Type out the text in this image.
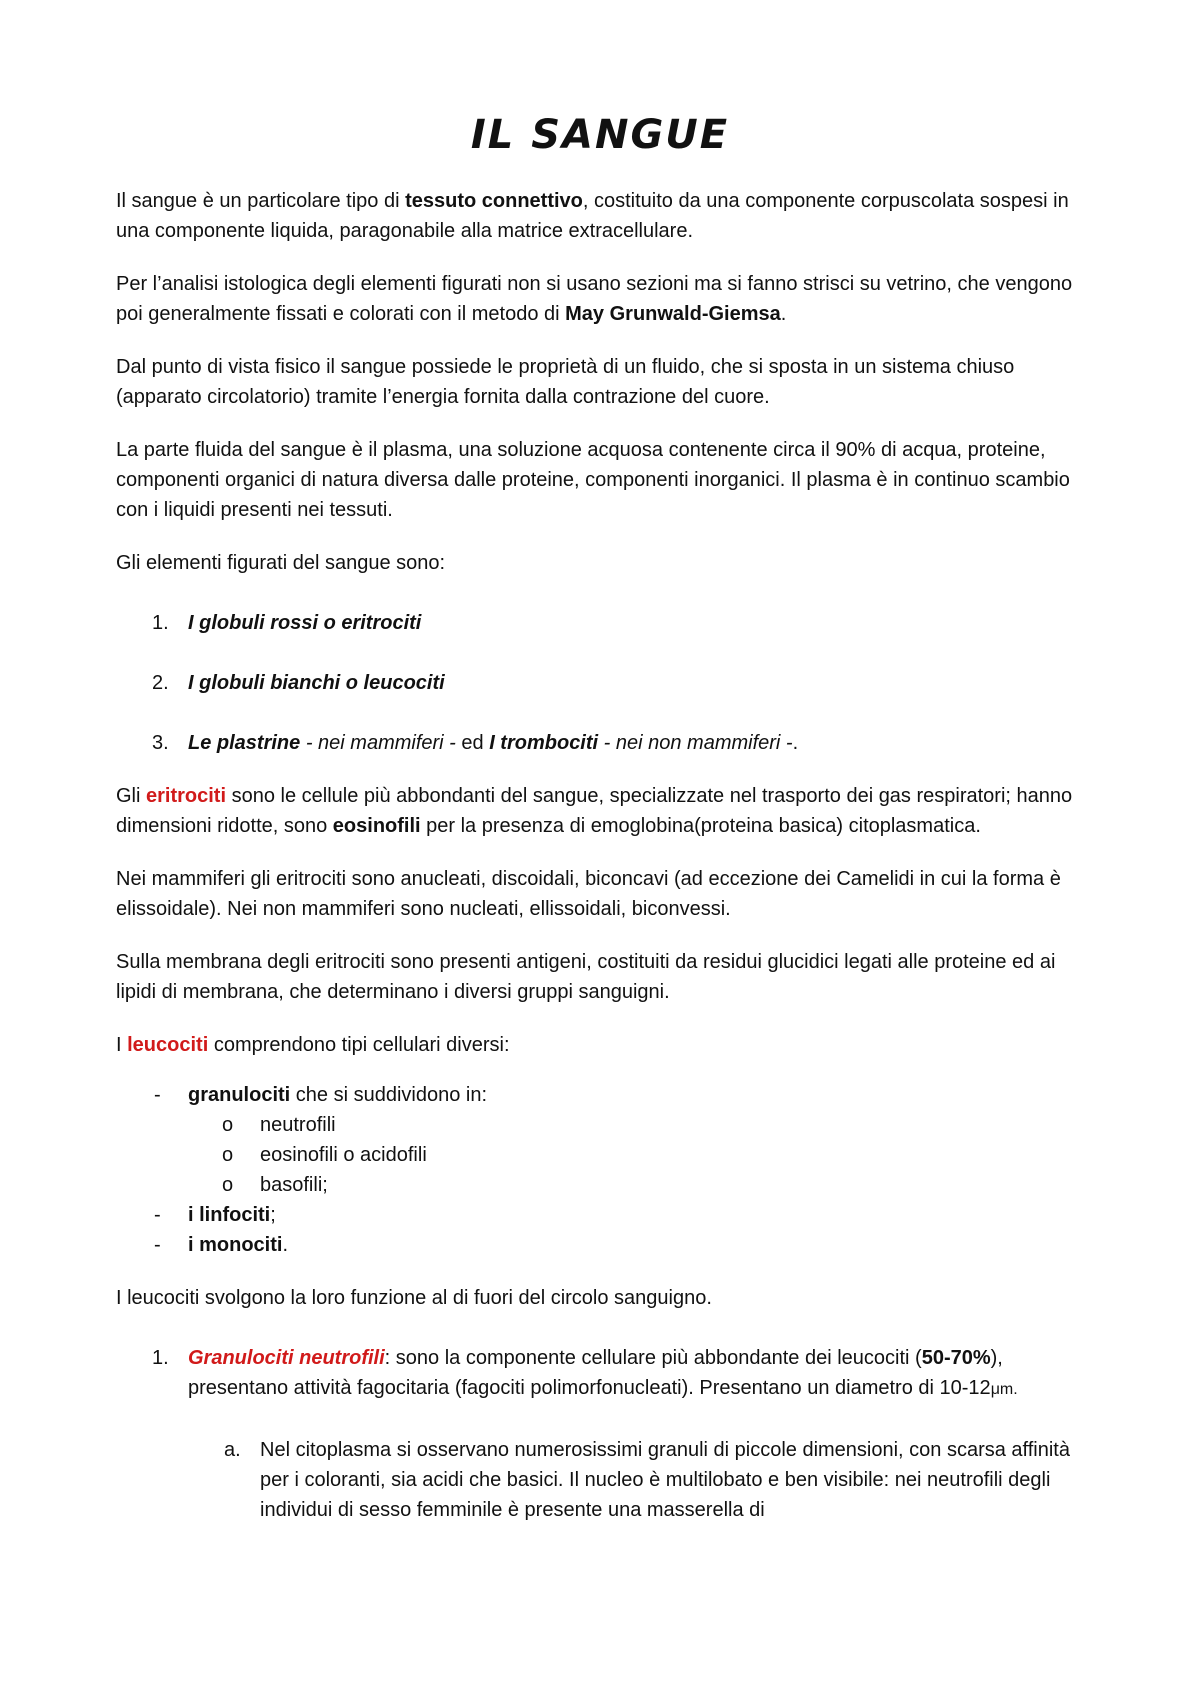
IL SANGUE

Il sangue è un particolare tipo di tessuto connettivo, costituito da una componente corpuscolata sospesi in una componente liquida, paragonabile alla matrice extracellulare.

Per l’analisi istologica degli elementi figurati non si usano sezioni ma si fanno strisci su vetrino, che vengono poi generalmente fissati e colorati con il metodo di May Grunwald-Giemsa.

Dal punto di vista fisico il sangue possiede le proprietà di un fluido, che si sposta in un sistema chiuso (apparato circolatorio) tramite l’energia fornita dalla contrazione del cuore.

La parte fluida del sangue è il plasma, una soluzione acquosa contenente circa il 90% di acqua, proteine, componenti organici di natura diversa dalle proteine, componenti inorganici. Il plasma è in continuo scambio con i liquidi presenti nei tessuti.

Gli elementi figurati del sangue sono:

1. I globuli rossi o eritrociti
2. I globuli bianchi o leucociti
3. Le plastrine - nei mammiferi - ed I trombociti - nei non mammiferi -.

Gli eritrociti sono le cellule più abbondanti del sangue, specializzate nel trasporto dei gas respiratori; hanno dimensioni ridotte, sono eosinofili per la presenza di emoglobina(proteina basica) citoplasmatica.

Nei mammiferi gli eritrociti sono anucleati, discoidali, biconcavi (ad eccezione dei Camelidi in cui la forma è elissoidale). Nei non mammiferi sono nucleati, ellissoidali, biconvessi.

Sulla membrana degli eritrociti sono presenti antigeni, costituiti da residui glucidici legati alle proteine ed ai lipidi di membrana, che determinano i diversi gruppi sanguigni.

I leucociti comprendono tipi cellulari diversi:

- granulociti che si suddividono in:
o neutrofili
o eosinofili o acidofili
o basofili;
- i linfociti;
- i monociti.

I leucociti svolgono la loro funzione al di fuori del circolo sanguigno.

1. Granulociti neutrofili: sono la componente cellulare più abbondante dei leucociti (50-70%), presentano attività fagocitaria (fagociti polimorfonucleati). Presentano un diametro di 10-12μm.
a. Nel citoplasma si osservano numerosissimi granuli di piccole dimensioni, con scarsa affinità per i coloranti, sia acidi che basici. Il nucleo è multilobato e ben visibile: nei neutrofili degli individui di sesso femminile è presente una masserella di
